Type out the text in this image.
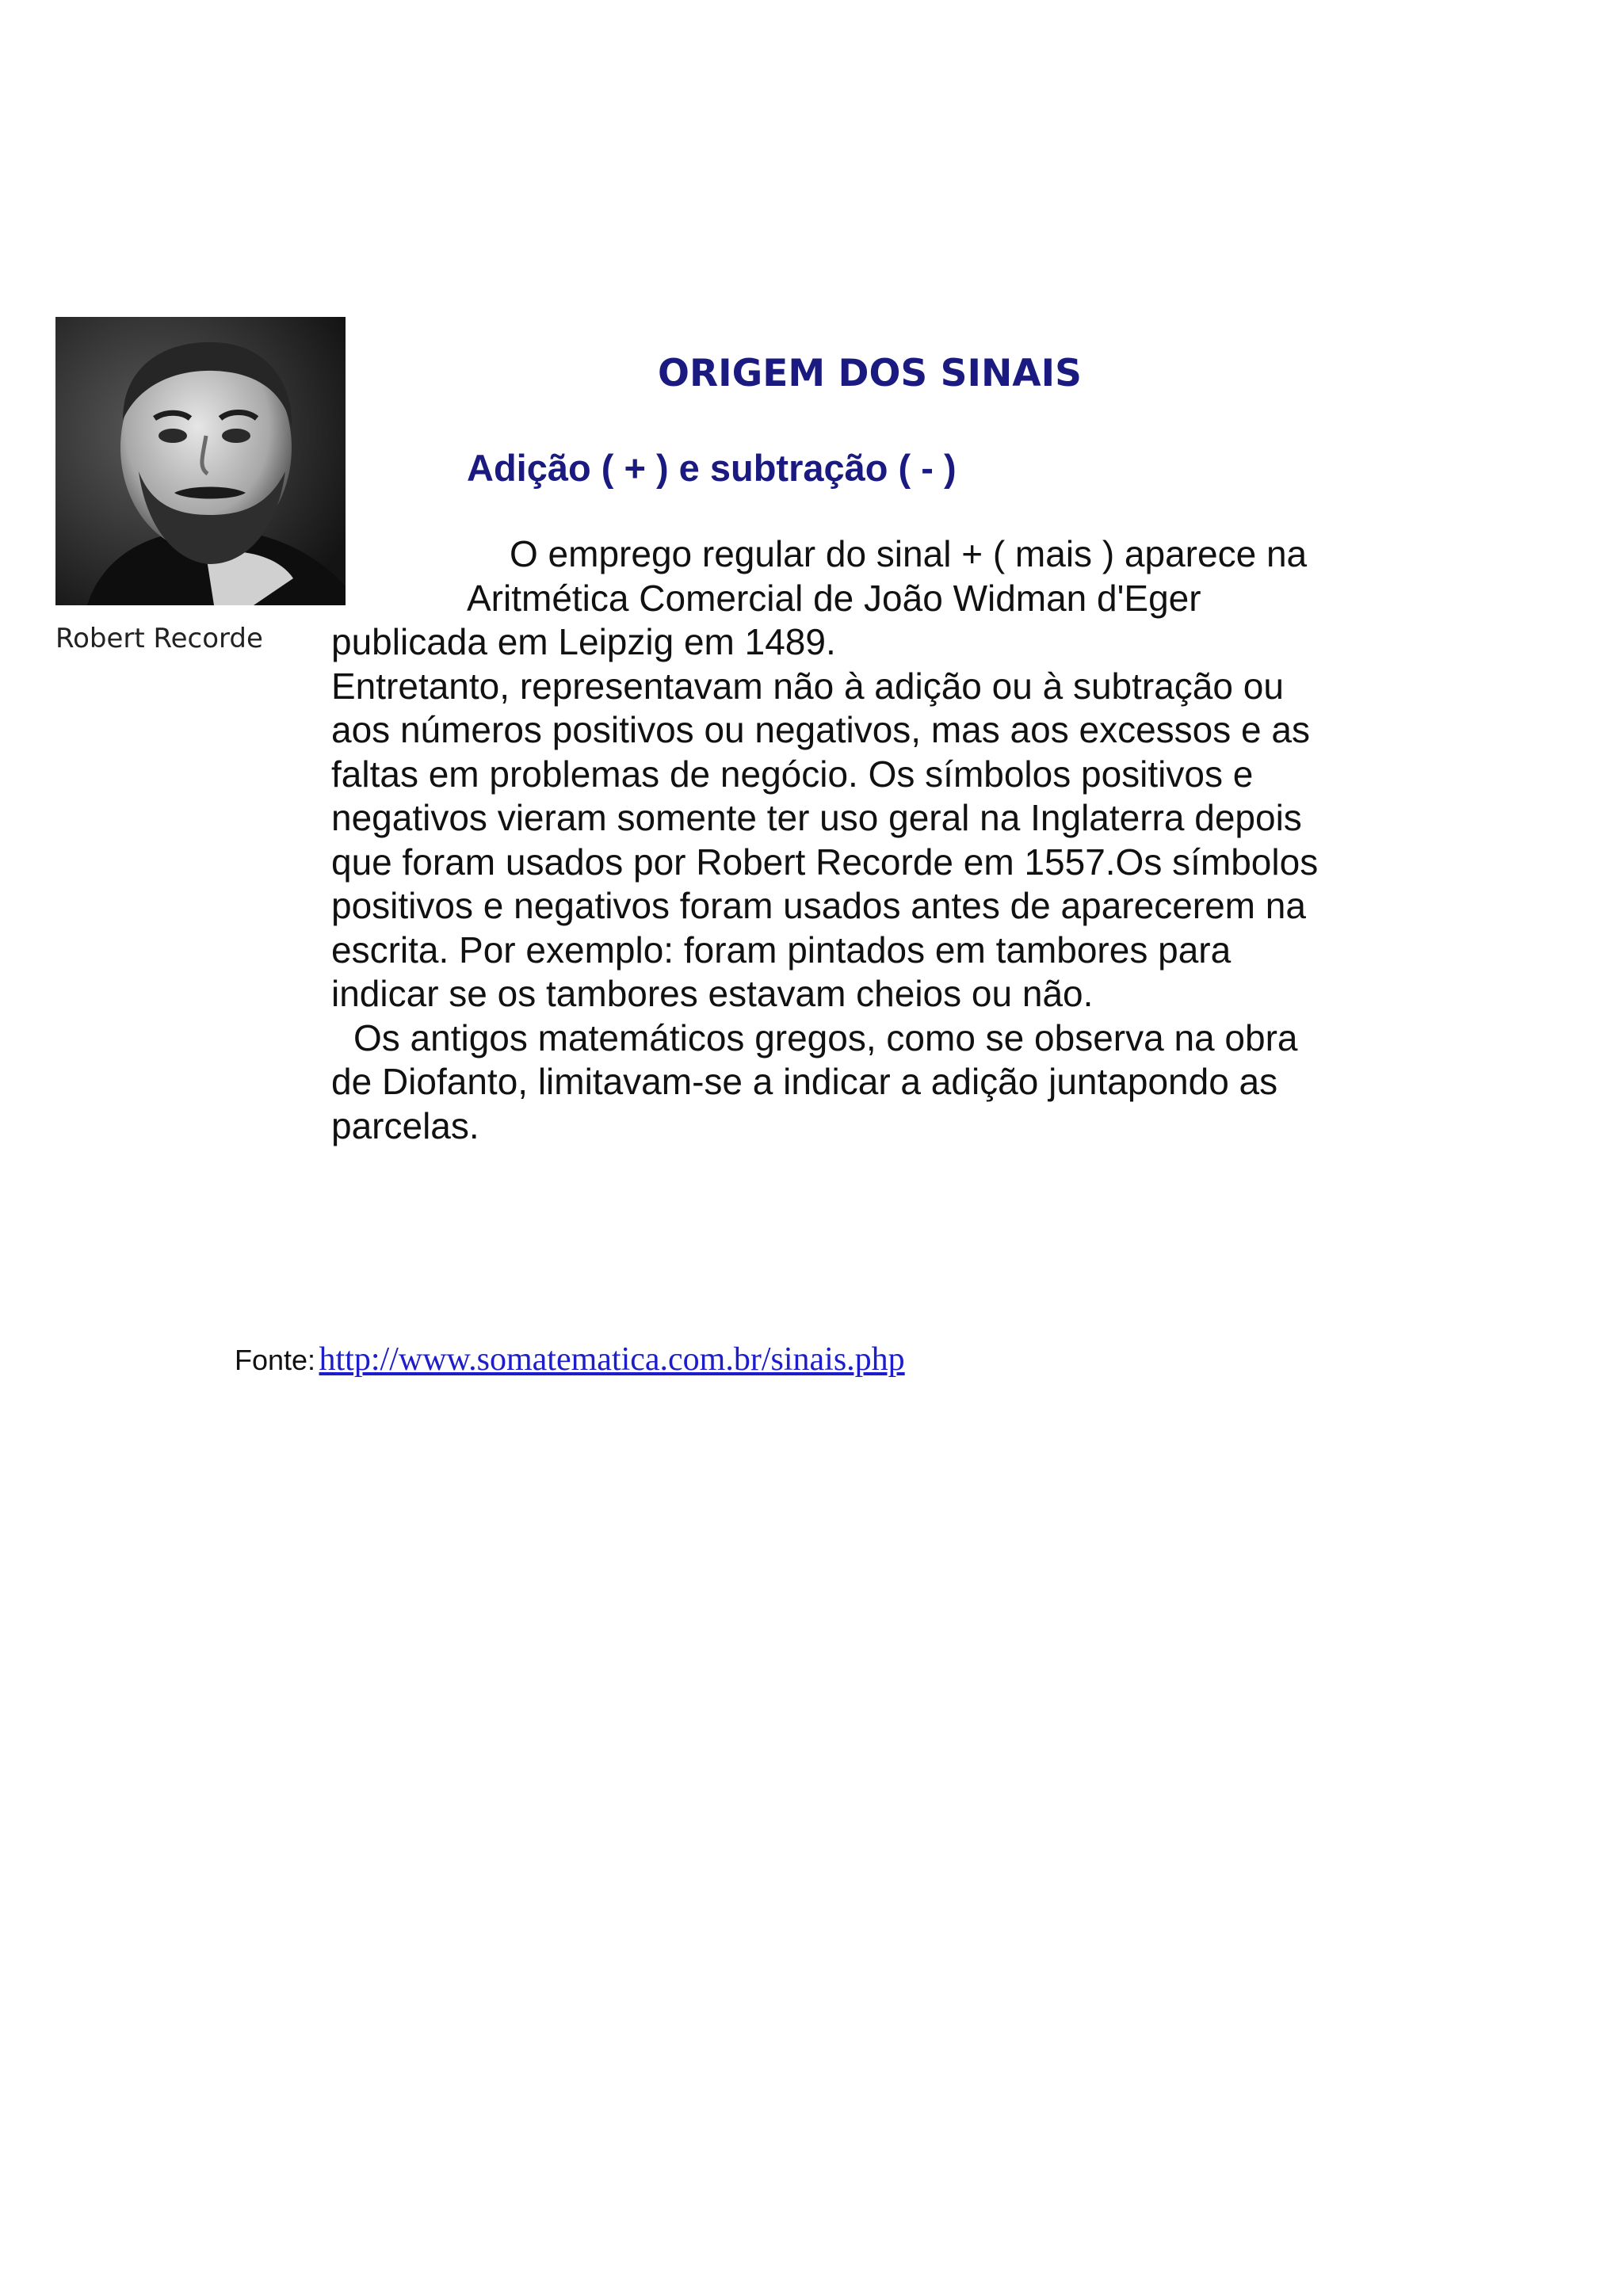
Robert Recorde
ORIGEM DOS SINAIS
Adição ( + ) e subtração ( - )
O emprego regular do sinal + ( mais ) aparece na
Aritmética Comercial de João Widman d'Eger
publicada em Leipzig em 1489.
Entretanto, representavam não à adição ou à subtração ou
aos números positivos ou negativos, mas aos excessos e as
faltas em problemas de negócio. Os símbolos positivos e
negativos vieram somente ter uso geral na Inglaterra depois
que foram usados por Robert Recorde em 1557.Os símbolos
positivos e negativos foram usados antes de aparecerem na
escrita. Por exemplo: foram pintados em tambores para
indicar se os tambores estavam cheios ou não.
Os antigos matemáticos gregos, como se observa na obra
de Diofanto, limitavam-se a indicar a adição juntapondo as
parcelas.
Fonte: http://www.somatematica.com.br/sinais.php
